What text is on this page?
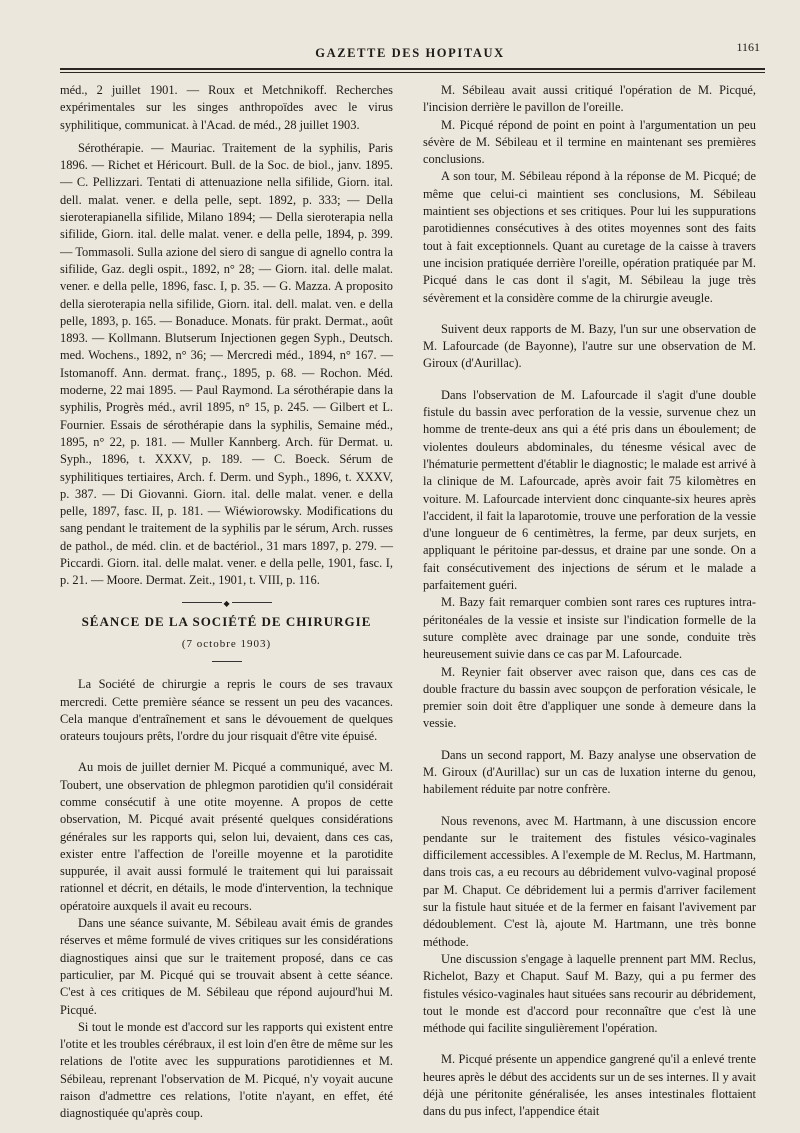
GAZETTE DES HOPITAUX	1161

méd., 2 juillet 1901. — Roux et Metchnikoff. Recherches expérimentales sur les singes anthropoïdes avec le virus syphilitique, communicat. à l'Acad. de méd., 28 juillet 1903.

Sérothérapie. — Mauriac. Traitement de la syphilis, Paris 1896. — Richet et Héricourt. Bull. de la Soc. de biol., janv. 1895. — C. Pellizzari. Tentati di attenuazione nella sifilide, Giorn. ital. dell. malat. vener. e della pelle, sept. 1892, p. 333; — Della sieroterapianella sifilide, Milano 1894; — Della sieroterapia nella sifilide, Giorn. ital. delle malat. vener. e della pelle, 1894, p. 399. — Tommasoli. Sulla azione del siero di sangue di agnello contra la sifilide, Gaz. degli ospit., 1892, n° 28; — Giorn. ital. delle malat. vener. e della pelle, 1896, fasc. I, p. 35. — G. Mazza. A proposito della sieroterapia nella sifilide, Giorn. ital. dell. malat. ven. e della pelle, 1893, p. 165. — Bonaduce. Monats. für prakt. Dermat., août 1893. — Kollmann. Blutserum Injectionen gegen Syph., Deutsch. med. Wochens., 1892, n° 36; — Mercredi méd., 1894, n° 167. — Istomanoff. Ann. dermat. franç., 1895, p. 68. — Rochon. Méd. moderne, 22 mai 1895. — Paul Raymond. La sérothérapie dans la syphilis, Progrès méd., avril 1895, n° 15, p. 245. — Gilbert et L. Fournier. Essais de sérothérapie dans la syphilis, Semaine méd., 1895, n° 22, p. 181. — Muller Kannberg. Arch. für Dermat. u. Syph., 1896, t. XXXV, p. 189. — C. Boeck. Sérum de syphilitiques tertiaires, Arch. f. Derm. und Syph., 1896, t. XXXV, p. 387. — Di Giovanni. Giorn. ital. delle malat. vener. e della pelle, 1897, fasc. II, p. 181. — Wiéwiorowsky. Modifications du sang pendant le traitement de la syphilis par le sérum, Arch. russes de pathol., de méd. clin. et de bactériol., 31 mars 1897, p. 279. — Piccardi. Giorn. ital. delle malat. vener. e della pelle, 1901, fasc. I, p. 21. — Moore. Dermat. Zeit., 1901, t. VIII, p. 116.

◆
SÉANCE DE LA SOCIÉTÉ DE CHIRURGIE
(7 octobre 1903)

La Société de chirurgie a repris le cours de ses travaux mercredi. Cette première séance se ressent un peu des vacances. Cela manque d'entraînement et sans le dévouement de quelques orateurs toujours prêts, l'ordre du jour risquait d'être vite épuisé.

Au mois de juillet dernier M. Picqué a communiqué, avec M. Toubert, une observation de phlegmon parotidien qu'il considérait comme consécutif à une otite moyenne. A propos de cette observation, M. Picqué avait présenté quelques considérations générales sur les rapports qui, selon lui, devaient, dans ces cas, exister entre l'affection de l'oreille moyenne et la parotidite suppurée, il avait aussi formulé le traitement qui lui paraissait rationnel et décrit, en détails, le mode d'intervention, la technique opératoire auxquels il avait eu recours.

Dans une séance suivante, M. Sébileau avait émis de grandes réserves et même formulé de vives critiques sur les considérations diagnostiques ainsi que sur le traitement proposé, dans ce cas particulier, par M. Picqué qui se trouvait absent à cette séance. C'est à ces critiques de M. Sébileau que répond aujourd'hui M. Picqué.

Si tout le monde est d'accord sur les rapports qui existent entre l'otite et les troubles cérébraux, il est loin d'en être de même sur les relations de l'otite avec les suppurations parotidiennes et M. Sébileau, reprenant l'observation de M. Picqué, n'y voyait aucune raison d'admettre ces relations, l'otite n'ayant, en effet, été diagnostiquée qu'après coup.

M. Sébileau avait aussi critiqué l'opération de M. Picqué, l'incision derrière le pavillon de l'oreille.

M. Picqué répond de point en point à l'argumentation un peu sévère de M. Sébileau et il termine en maintenant ses premières conclusions.

A son tour, M. Sébileau répond à la réponse de M. Picqué; de même que celui-ci maintient ses conclusions, M. Sébileau maintient ses objections et ses critiques. Pour lui les suppurations parotidiennes consécutives à des otites moyennes sont des faits tout à fait exceptionnels. Quant au curetage de la caisse à travers une incision pratiquée derrière l'oreille, opération pratiquée par M. Picqué dans le cas dont il s'agit, M. Sébileau la juge très sévèrement et la considère comme de la chirurgie aveugle.

Suivent deux rapports de M. Bazy, l'un sur une observation de M. Lafourcade (de Bayonne), l'autre sur une observation de M. Giroux (d'Aurillac).

Dans l'observation de M. Lafourcade il s'agit d'une double fistule du bassin avec perforation de la vessie, survenue chez un homme de trente-deux ans qui a été pris dans un éboulement; de violentes douleurs abdominales, du ténesme vésical avec de l'hématurie permettent d'établir le diagnostic; le malade est arrivé à la clinique de M. Lafourcade, après avoir fait 75 kilomètres en voiture. M. Lafourcade intervient donc cinquante-six heures après l'accident, il fait la laparotomie, trouve une perforation de la vessie d'une longueur de 6 centimètres, la ferme, par deux surjets, en appliquant le péritoine par-dessus, et draine par une sonde. On a fait consécutivement des injections de sérum et le malade a parfaitement guéri.

M. Bazy fait remarquer combien sont rares ces ruptures intra-péritonéales de la vessie et insiste sur l'indication formelle de la suture complète avec drainage par une sonde, conduite très heureusement suivie dans ce cas par M. Lafourcade.

M. Reynier fait observer avec raison que, dans ces cas de double fracture du bassin avec soupçon de perforation vésicale, le premier soin doit être d'appliquer une sonde à demeure dans la vessie.

Dans un second rapport, M. Bazy analyse une observation de M. Giroux (d'Aurillac) sur un cas de luxation interne du genou, habilement réduite par notre confrère.

Nous revenons, avec M. Hartmann, à une discussion encore pendante sur le traitement des fistules vésico-vaginales difficilement accessibles. A l'exemple de M. Reclus, M. Hartmann, dans trois cas, a eu recours au débridement vulvo-vaginal proposé par M. Chaput. Ce débridement lui a permis d'arriver facilement sur la fistule haut située et de la fermer en faisant l'avivement par dédoublement. C'est là, ajoute M. Hartmann, une très bonne méthode.

Une discussion s'engage à laquelle prennent part MM. Reclus, Richelot, Bazy et Chaput. Sauf M. Bazy, qui a pu fermer des fistules vésico-vaginales haut situées sans recourir au débridement, tout le monde est d'accord pour reconnaître que c'est là une méthode qui facilite singulièrement l'opération.

M. Picqué présente un appendice gangrené qu'il a enlevé trente heures après le début des accidents sur un de ses internes. Il y avait déjà une péritonite généralisée, les anses intestinales flottaient dans du pus infect, l'appendice était
